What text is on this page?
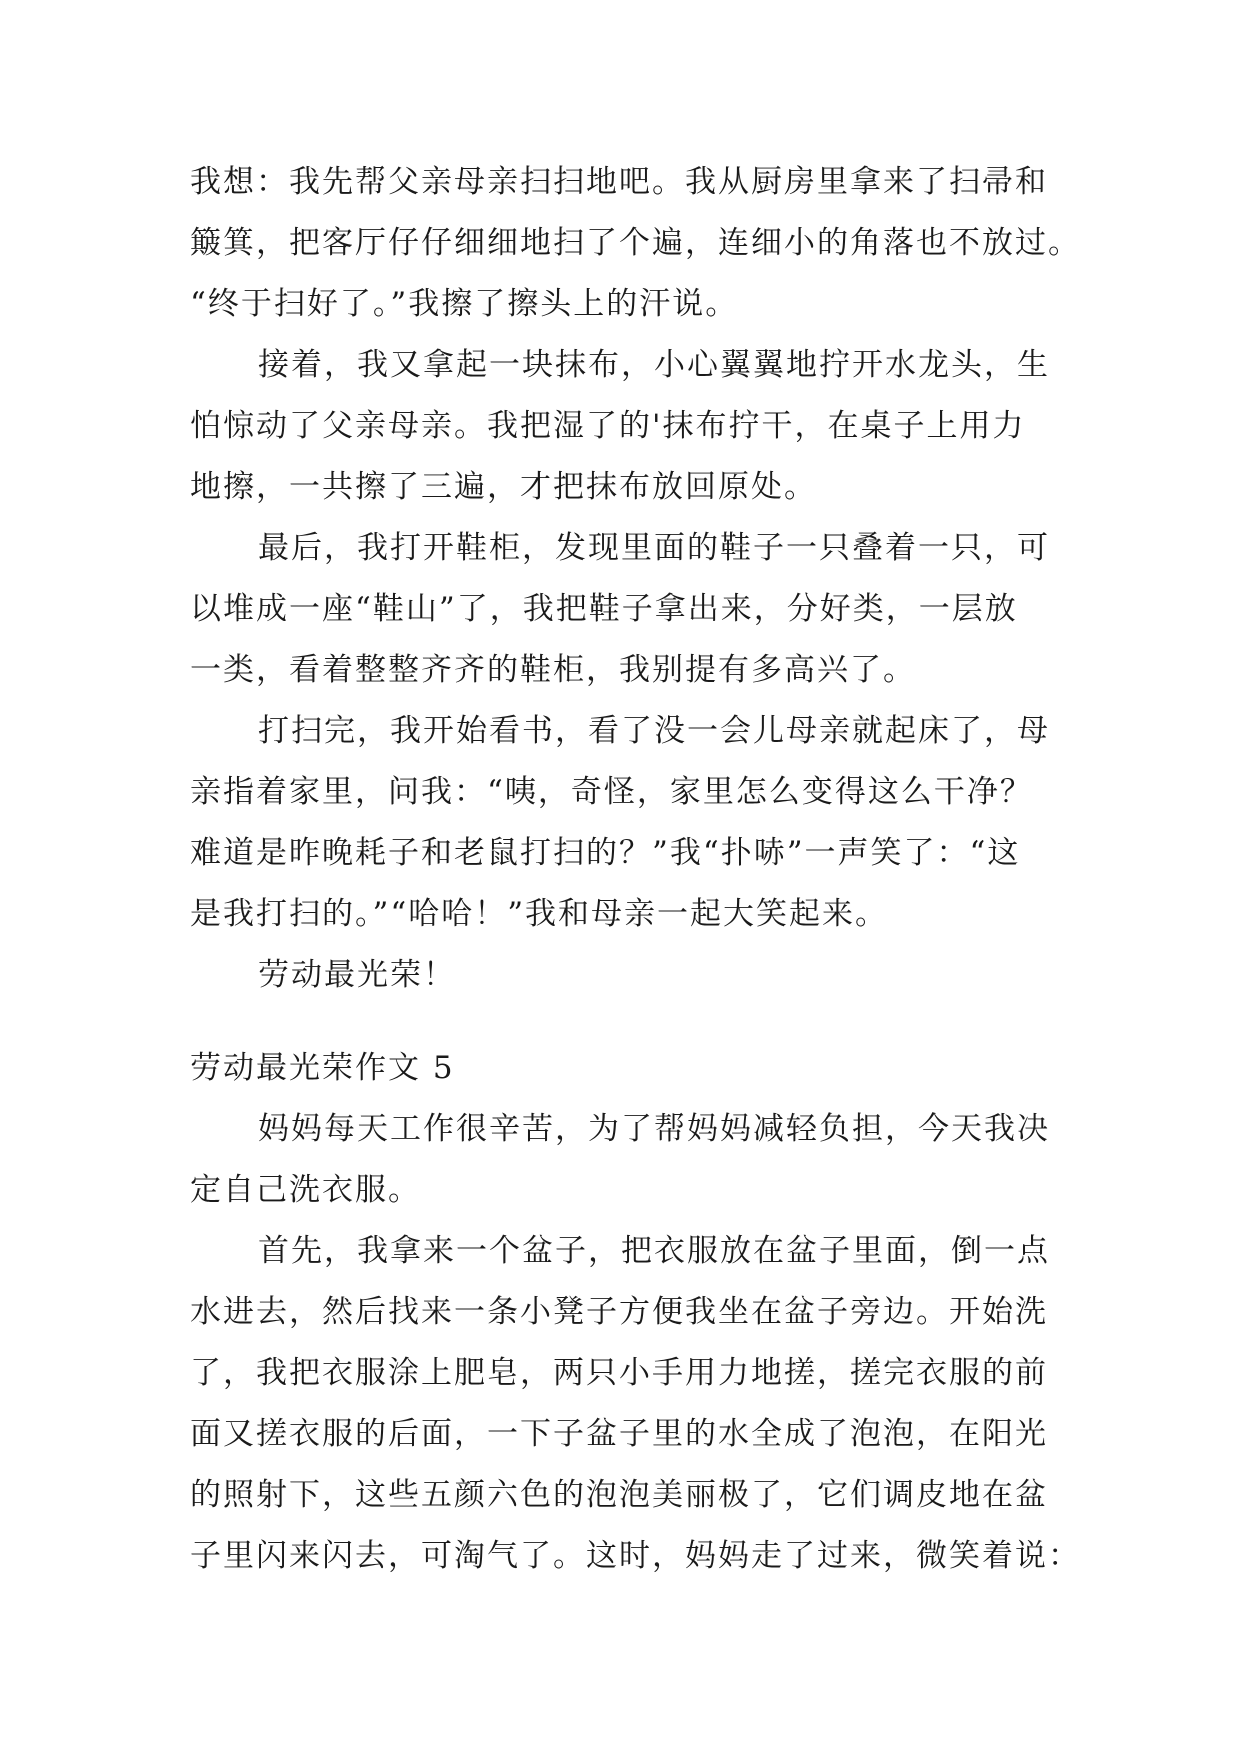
我想：我先帮父亲母亲扫扫地吧。我从厨房里拿来了扫帚和
簸箕，把客厅仔仔细细地扫了个遍，连细小的角落也不放过。
“终于扫好了。”我擦了擦头上的汗说。
接着，我又拿起一块抹布，小心翼翼地拧开水龙头，生
怕惊动了父亲母亲。我把湿了的'抹布拧干，在桌子上用力
地擦，一共擦了三遍，才把抹布放回原处。
最后，我打开鞋柜，发现里面的鞋子一只叠着一只，可
以堆成一座“鞋山”了，我把鞋子拿出来，分好类，一层放
一类，看着整整齐齐的鞋柜，我别提有多高兴了。
打扫完，我开始看书，看了没一会儿母亲就起床了，母
亲指着家里，问我：“咦，奇怪，家里怎么变得这么干净？
难道是昨晚耗子和老鼠打扫的？”我“扑哧”一声笑了：“这
是我打扫的。”“哈哈！”我和母亲一起大笑起来。
劳动最光荣！
劳动最光荣作文 5
妈妈每天工作很辛苦，为了帮妈妈减轻负担，今天我决
定自己洗衣服。
首先，我拿来一个盆子，把衣服放在盆子里面，倒一点
水进去，然后找来一条小凳子方便我坐在盆子旁边。开始洗
了，我把衣服涂上肥皂，两只小手用力地搓，搓完衣服的前
面又搓衣服的后面，一下子盆子里的水全成了泡泡，在阳光
的照射下，这些五颜六色的泡泡美丽极了，它们调皮地在盆
子里闪来闪去，可淘气了。这时，妈妈走了过来，微笑着说：
